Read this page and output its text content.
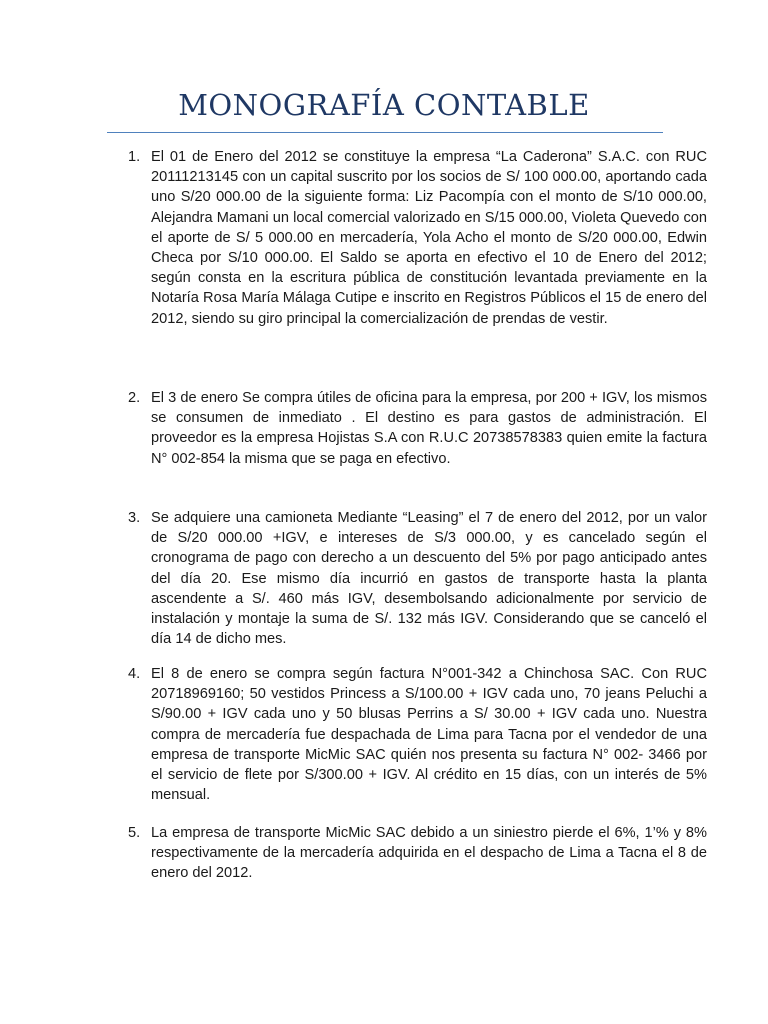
MONOGRAFÍA CONTABLE
1. El 01 de Enero del 2012 se constituye la empresa “La Caderona” S.A.C. con RUC 20111213145 con un capital suscrito por los socios de S/ 100 000.00, aportando cada uno S/20 000.00 de la siguiente forma: Liz Pacompía con el monto de S/10 000.00, Alejandra Mamani un local comercial valorizado en S/15 000.00, Violeta Quevedo con el aporte de S/ 5 000.00 en mercadería, Yola Acho el monto de S/20 000.00, Edwin Checa por S/10 000.00. El Saldo se aporta en efectivo el 10 de Enero del 2012; según consta en la escritura pública de constitución levantada previamente en la Notaría Rosa María Málaga Cutipe e inscrito en Registros Públicos el 15 de enero del 2012, siendo su giro principal la comercialización de prendas de vestir.
2. El 3 de enero Se compra útiles de oficina para la empresa, por 200 + IGV, los mismos se consumen de inmediato . El destino es para gastos de administración. El proveedor es la empresa Hojistas S.A con R.U.C 20738578383 quien emite la factura N° 002-854 la misma que se paga en efectivo.
3. Se adquiere una camioneta Mediante “Leasing” el 7 de enero del 2012, por un valor de S/20 000.00 +IGV, e intereses de S/3 000.00, y es cancelado según el cronograma de pago con derecho a un descuento del 5% por pago anticipado antes del día 20. Ese mismo día incurrió en gastos de transporte hasta la planta ascendente a S/. 460 más IGV, desembolsando adicionalmente por servicio de instalación y montaje la suma de S/. 132 más IGV. Considerando que se canceló el día 14 de dicho mes.
4. El 8 de enero se compra según factura N°001-342 a Chinchosa SAC. Con RUC 20718969160; 50 vestidos Princess a S/100.00 + IGV cada uno, 70 jeans Peluchi a S/90.00 + IGV cada uno y 50 blusas Perrins a S/ 30.00 + IGV cada uno. Nuestra compra de mercadería fue despachada de Lima para Tacna por el vendedor de una empresa de transporte MicMic SAC quién nos presenta su factura N° 002- 3466 por el servicio de flete por S/300.00 + IGV. Al crédito en 15 días, con un interés de 5% mensual.
5. La empresa de transporte MicMic SAC debido a un siniestro pierde el 6%, 1’% y 8% respectivamente de la mercadería adquirida en el despacho de Lima a Tacna el 8 de enero del 2012.
